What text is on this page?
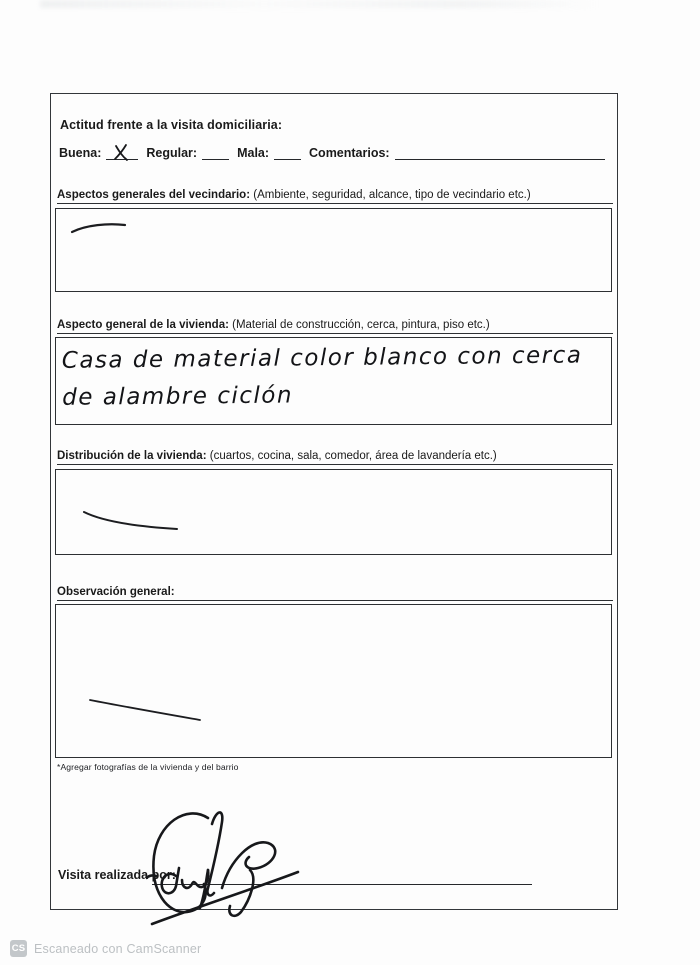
Actitud frente a la visita domiciliaria:
Buena:	Regular:	Mala:	Comentarios:
Aspectos generales del vecindario: (Ambiente, seguridad, alcance, tipo de vecindario etc.)
Aspecto general de la vivienda: (Material de construcción, cerca, pintura, piso etc.)
Casa de material color blanco con cerca
de alambre ciclón
Distribución de la vivienda: (cuartos, cocina, sala, comedor, área de lavandería etc.)
Observación general:
*Agregar fotografías de la vivienda y del barrio
Visita realizada por:
CS Escaneado con CamScanner
